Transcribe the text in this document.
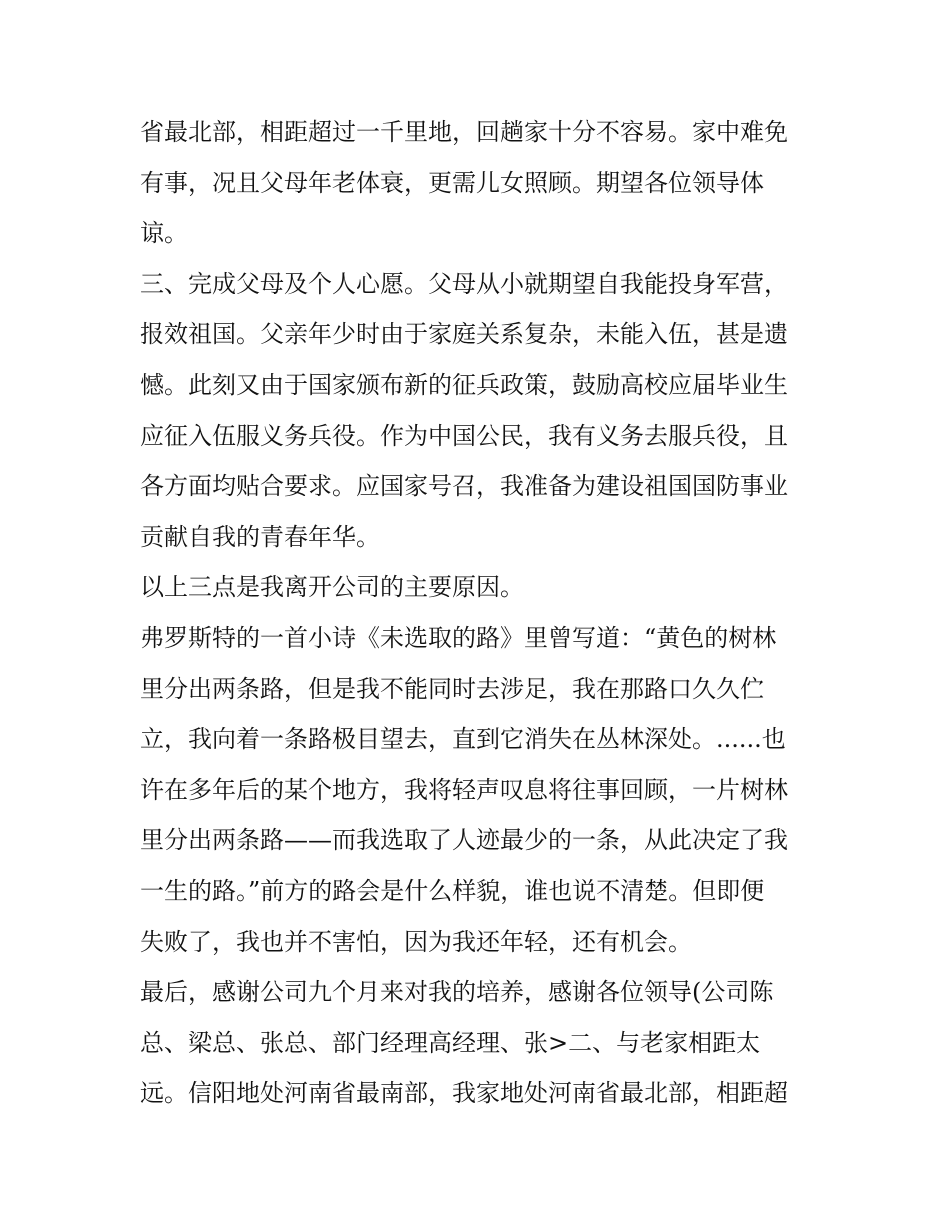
省最北部，相距超过一千里地，回趟家十分不容易。家中难免
有事，况且父母年老体衰，更需儿女照顾。期望各位领导体
谅。
三、完成父母及个人心愿。父母从小就期望自我能投身军营，
报效祖国。父亲年少时由于家庭关系复杂，未能入伍，甚是遗
憾。此刻又由于国家颁布新的征兵政策，鼓励高校应届毕业生
应征入伍服义务兵役。作为中国公民，我有义务去服兵役，且
各方面均贴合要求。应国家号召，我准备为建设祖国国防事业
贡献自我的青春年华。
以上三点是我离开公司的主要原因。
弗罗斯特的一首小诗《未选取的路》里曾写道：“黄色的树林
里分出两条路，但是我不能同时去涉足，我在那路口久久伫
立，我向着一条路极目望去，直到它消失在丛林深处。......也
许在多年后的某个地方，我将轻声叹息将往事回顾，一片树林
里分出两条路——而我选取了人迹最少的一条，从此决定了我
一生的路。”前方的路会是什么样貌，谁也说不清楚。但即便
失败了，我也并不害怕，因为我还年轻，还有机会。
最后，感谢公司九个月来对我的培养，感谢各位领导(公司陈
总、梁总、张总、部门经理高经理、张>二、与老家相距太
远。信阳地处河南省最南部，我家地处河南省最北部，相距超
